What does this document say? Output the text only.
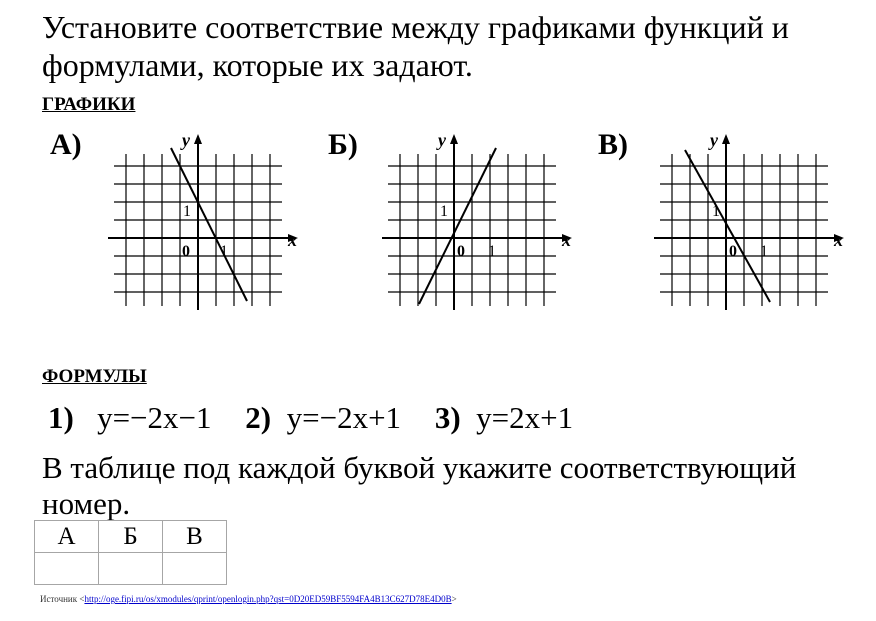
Установите соответствие между графиками функций и формулами, которые их задают.

ГРАФИКИ
А)	y
x
0 1
1
Б)	y
x
0 1
1
В)	y
x
0 1
1
ФОРМУЛЫ
1) y=−2x−1 2) y=−2x+1 3) y=2x+1

В таблице под каждой буквой укажите соответствующий номер.

А	Б	В

Источник <http://oge.fipi.ru/os/xmodules/qprint/openlogin.php?qst=0D20ED59BF5594FA4B13C627D78E4D0B>
